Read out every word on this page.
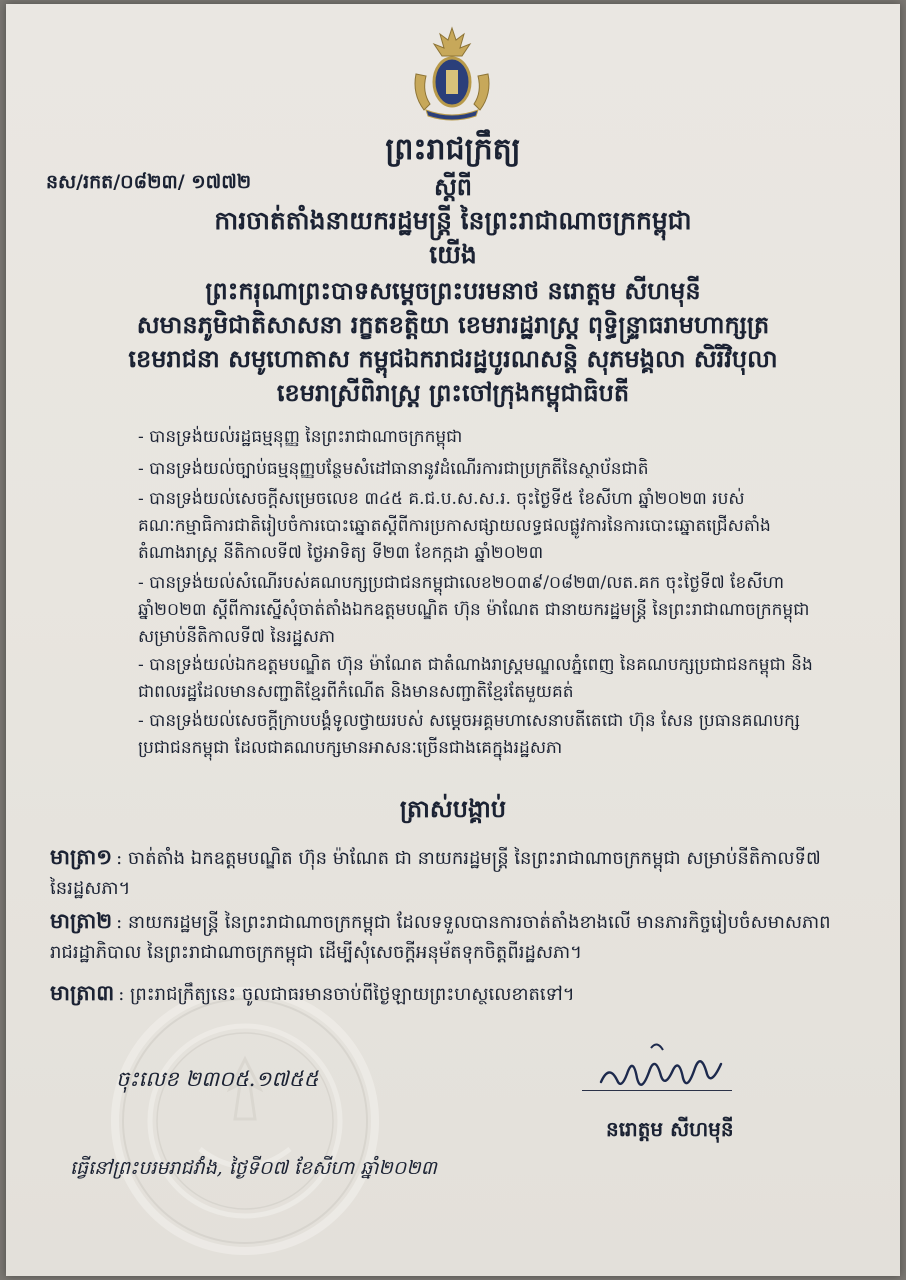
ព្រះរាជក្រឹត្យ
នស/រកត/០៨២៣/ ១៧៧២	ស្តីពី
ការចាត់តាំងនាយករដ្ឋមន្ត្រី នៃព្រះរាជាណាចក្រកម្ពុជា
យើង
ព្រះករុណាព្រះបាទសម្តេចព្រះបរមនាថ នរោត្តម សីហមុនី
សមានភូមិជាតិសាសនា រក្ខតខត្តិយា ខេមរារដ្ឋរាស្ត្រ ពុទ្ធិន្ទ្រាធរាមហាក្សត្រ
ខេមរាជនា សមូហោតាស កម្ពុជឯករាជរដ្ឋបូរណសន្តិ សុភមង្គលា សិរីវិបុលា
ខេមរាស្រីពិរាស្ត្រ ព្រះចៅក្រុងកម្ពុជាធិបតី
- បានទ្រង់យល់រដ្ឋធម្មនុញ្ញ នៃព្រះរាជាណាចក្រកម្ពុជា
- បានទ្រង់យល់ច្បាប់ធម្មនុញ្ញបន្ថែមសំដៅធានានូវដំណើរការជាប្រក្រតីនៃស្ថាប័នជាតិ
- បានទ្រង់យល់សេចក្តីសម្រេចលេខ ៣៤៥ គ.ជ.ប.ស.ស.រ. ចុះថ្ងៃទី៥ ខែសីហា ឆ្នាំ២០២៣ របស់គណៈកម្មាធិការជាតិរៀបចំការបោះឆ្នោតស្តីពីការប្រកាសផ្សាយលទ្ធផលផ្លូវការនៃការបោះឆ្នោតជ្រើសតាំងតំណាងរាស្ត្រ នីតិកាលទី៧ ថ្ងៃអាទិត្យ ទី២៣ ខែកក្កដា ឆ្នាំ២០២៣
- បានទ្រង់យល់សំណើរបស់គណបក្សប្រជាជនកម្ពុជាលេខ២០៣៩/០៨២៣/លត.គក ចុះថ្ងៃទី៧ ខែសីហា ឆ្នាំ២០២៣ ស្តីពីការស្នើសុំចាត់តាំងឯកឧត្តមបណ្ឌិត ហ៊ុន ម៉ាណែត ជានាយករដ្ឋមន្ត្រី នៃព្រះរាជាណាចក្រកម្ពុជា សម្រាប់នីតិកាលទី៧ នៃរដ្ឋសភា
- បានទ្រង់យល់ឯកឧត្តមបណ្ឌិត ហ៊ុន ម៉ាណែត ជាតំណាងរាស្ត្រមណ្ឌលភ្នំពេញ នៃគណបក្សប្រជាជនកម្ពុជា និងជាពលរដ្ឋដែលមានសញ្ជាតិខ្មែរពីកំណើត និងមានសញ្ជាតិខ្មែរតែមួយគត់
- បានទ្រង់យល់សេចក្តីក្រាបបង្គំទូលថ្វាយរបស់ សម្តេចអគ្គមហាសេនាបតីតេជោ ហ៊ុន សែន ប្រធានគណបក្សប្រជាជនកម្ពុជា ដែលជាគណបក្សមានអាសនៈច្រើនជាងគេក្នុងរដ្ឋសភា
ត្រាស់បង្គាប់
មាត្រា១ : ចាត់តាំង ឯកឧត្តមបណ្ឌិត ហ៊ុន ម៉ាណែត ជា នាយករដ្ឋមន្ត្រី នៃព្រះរាជាណាចក្រកម្ពុជា សម្រាប់នីតិកាលទី៧ នៃរដ្ឋសភា។
មាត្រា២ : នាយករដ្ឋមន្ត្រី នៃព្រះរាជាណាចក្រកម្ពុជា ដែលទទួលបានការចាត់តាំងខាងលើ មានភារកិច្ចរៀបចំសមាសភាពរាជរដ្ឋាភិបាល នៃព្រះរាជាណាចក្រកម្ពុជា ដើម្បីសុំសេចក្តីអនុម័តទុកចិត្តពីរដ្ឋសភា។
មាត្រា៣ : ព្រះរាជក្រឹត្យនេះ ចូលជាធរមានចាប់ពីថ្ងៃឡាយព្រះហស្ថលេខាតទៅ។
ចុះលេខ ២៣០៥.១៧៥៥
នរោត្តម សីហមុនី
ធ្វើនៅព្រះបរមរាជវាំង, ថ្ងៃទី០៧ ខែសីហា ឆ្នាំ២០២៣
